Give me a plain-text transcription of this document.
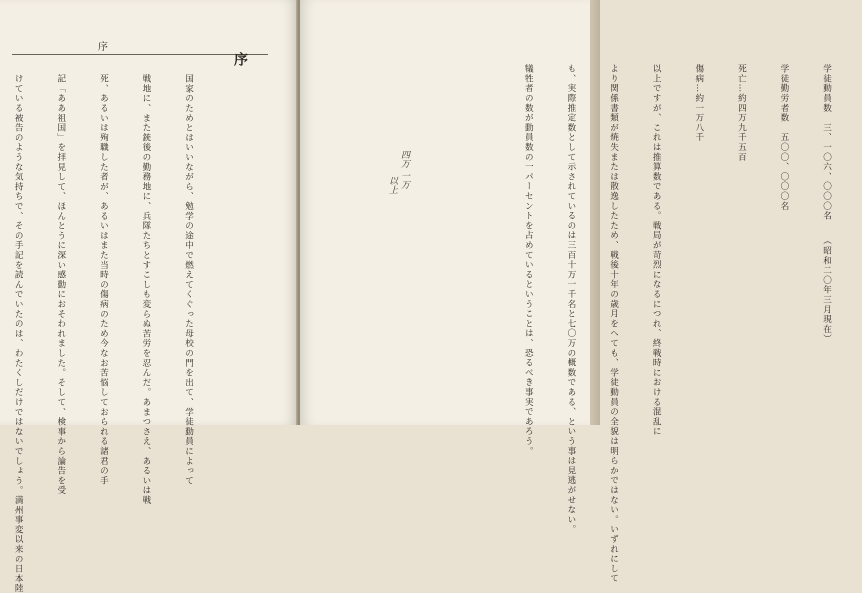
序
序

国家のためとはいいながら、勉学の途中で燃えてくぐった母校の門を出て、学徒動員によって

戦地に、また銃後の勤務地に、兵隊たちとすこしも変らぬ苦労を忍んだ。あまつさえ、あるいは戦

死、あるいは殉職した者が、あるいはまた当時の傷病のため今なお苦悩しておられる諸君の手

記「ああ祖国」を拝見して、ほんとうに深い感動におそわれました。そして、検事から論告を受

けている被告のような気持ちで、その手記を読んでいたのは、わたくしだけではないでしょう。満州事変以来の日本陸

	学徒動員数　三、一〇六、〇〇〇名　　（昭和二〇年三月現在）

学徒勤労者数　五〇〇、〇〇〇名

死亡…約四万九千五百

傷病…約一万八千

以上ですが、これは推算数である。戦局が苛烈になるにつれ、終戦時における混乱に

より関係書類が焼失または散逸したため、戦後十年の歳月をへても、学徒動員の全貌は明らかではない。いずれにして

も、実際推定数として示されているのは三百十万一千名と七〇万の概数である、という事は見逃がせない。

犠牲者の数が動員数の一パーセントを占めているということは、恐るべき事実であろう。

以上 四万 一万
